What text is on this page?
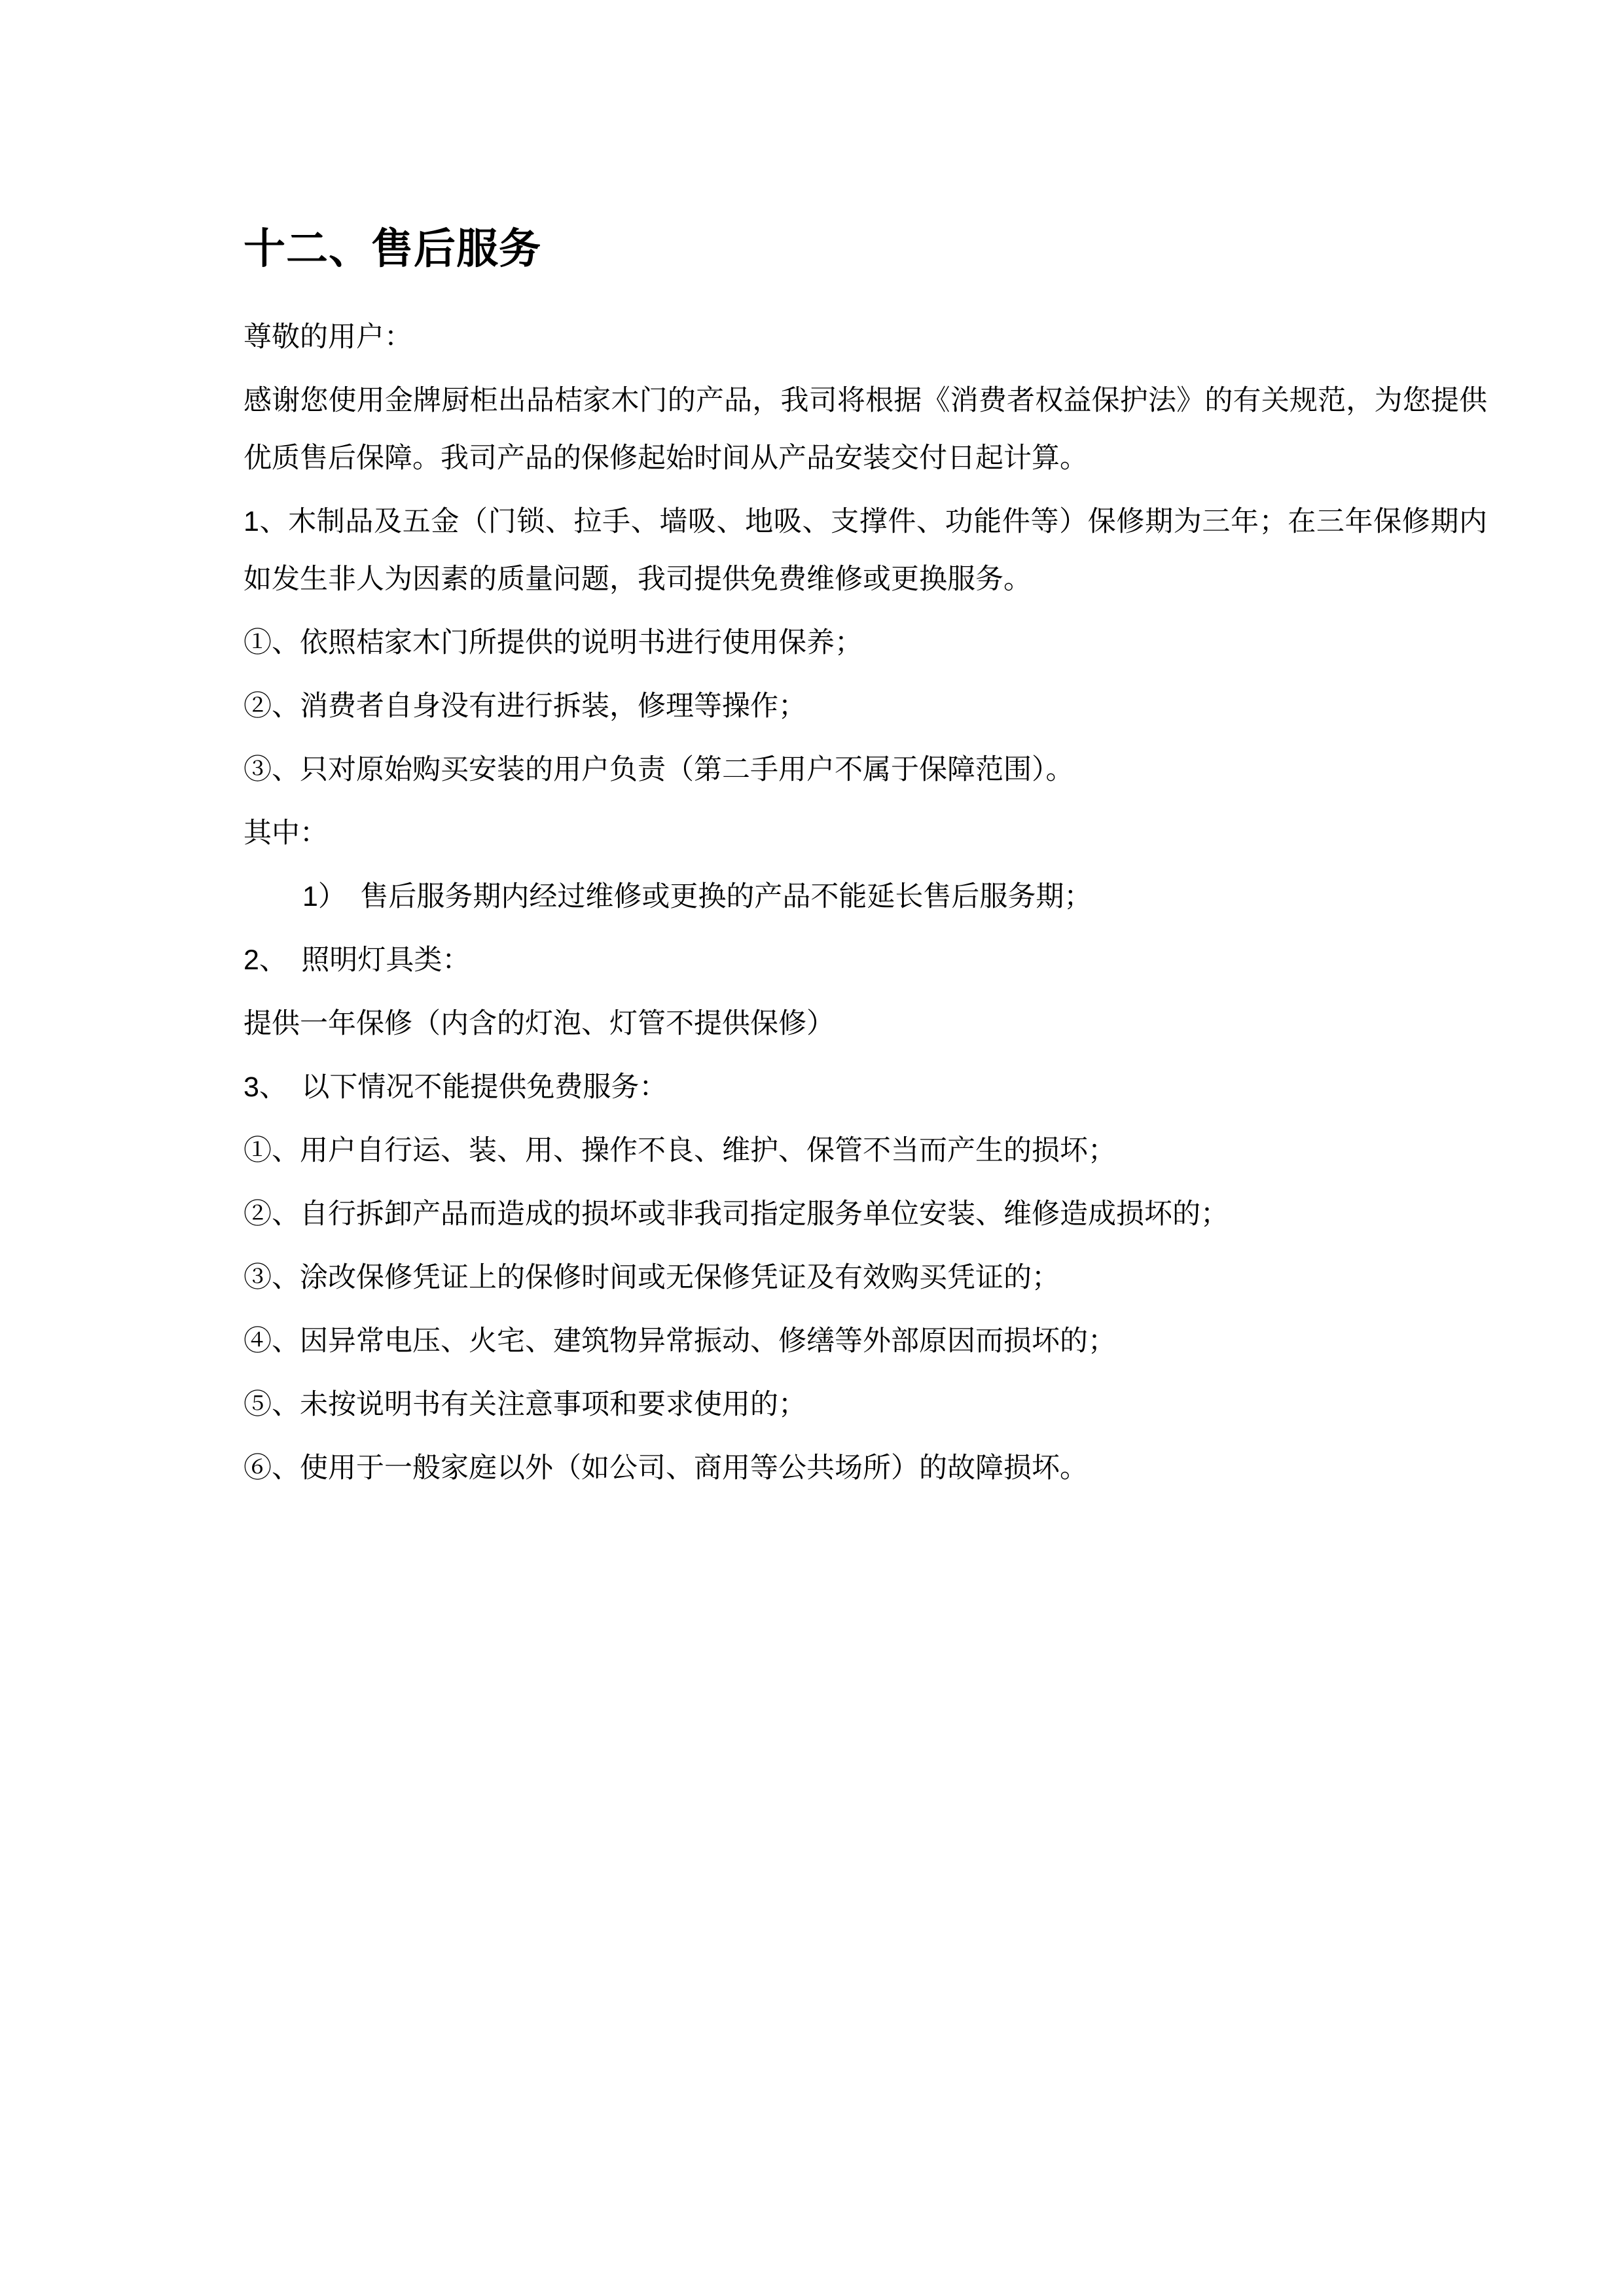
十二、售后服务

尊敬的用户：

感谢您使用金牌厨柜出品桔家木门的产品，我司将根据《消费者权益保护法》的有关规范，为您提供优质售后保障。我司产品的保修起始时间从产品安装交付日起计算。

1、木制品及五金（门锁、拉手、墙吸、地吸、支撑件、功能件等）保修期为三年；在三年保修期内如发生非人为因素的质量问题，我司提供免费维修或更换服务。

①、依照桔家木门所提供的说明书进行使用保养；

②、消费者自身没有进行拆装，修理等操作；

③、只对原始购买安装的用户负责（第二手用户不属于保障范围）。

其中：

1）　售后服务期内经过维修或更换的产品不能延长售后服务期；

2、　照明灯具类：

提供一年保修（内含的灯泡、灯管不提供保修）

3、　以下情况不能提供免费服务：

①、用户自行运、装、用、操作不良、维护、保管不当而产生的损坏；

②、自行拆卸产品而造成的损坏或非我司指定服务单位安装、维修造成损坏的；

③、涂改保修凭证上的保修时间或无保修凭证及有效购买凭证的；

④、因异常电压、火宅、建筑物异常振动、修缮等外部原因而损坏的；

⑤、未按说明书有关注意事项和要求使用的；

⑥、使用于一般家庭以外（如公司、商用等公共场所）的故障损坏。
